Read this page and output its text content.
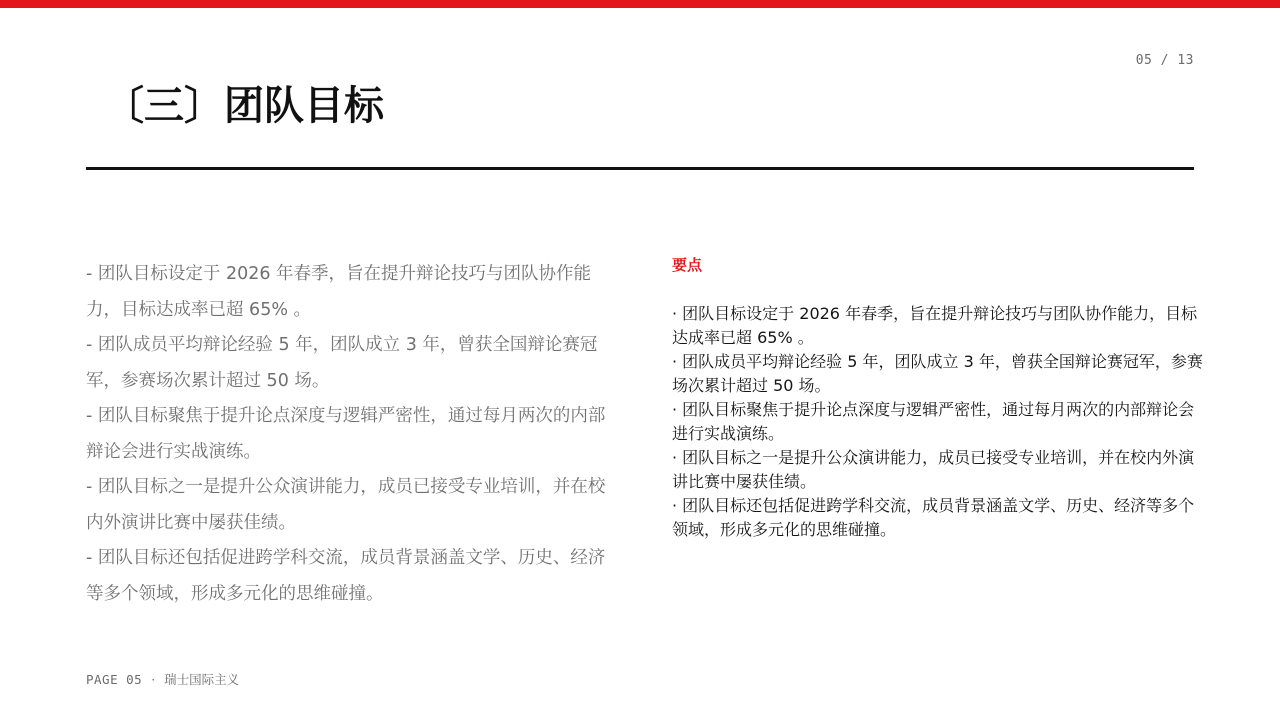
05 / 13
〔三〕团队目标

- 团队目标设定于 2026 年春季，旨在提升辩论技巧与团队协作能力，目标达成率已超 65% 。

- 团队成员平均辩论经验 5 年，团队成立 3 年，曾获全国辩论赛冠军，参赛场次累计超过 50 场。

- 团队目标聚焦于提升论点深度与逻辑严密性，通过每月两次的内部辩论会进行实战演练。

- 团队目标之一是提升公众演讲能力，成员已接受专业培训，并在校内外演讲比赛中屡获佳绩。

- 团队目标还包括促进跨学科交流，成员背景涵盖文学、历史、经济等多个领域，形成多元化的思维碰撞。

要点

· 团队目标设定于 2026 年春季，旨在提升辩论技巧与团队协作能力，目标达成率已超 65% 。

· 团队成员平均辩论经验 5 年，团队成立 3 年，曾获全国辩论赛冠军，参赛场次累计超过 50 场。

· 团队目标聚焦于提升论点深度与逻辑严密性，通过每月两次的内部辩论会进行实战演练。

· 团队目标之一是提升公众演讲能力，成员已接受专业培训，并在校内外演讲比赛中屡获佳绩。

· 团队目标还包括促进跨学科交流，成员背景涵盖文学、历史、经济等多个领域，形成多元化的思维碰撞。

PAGE 05 · 瑞士国际主义
